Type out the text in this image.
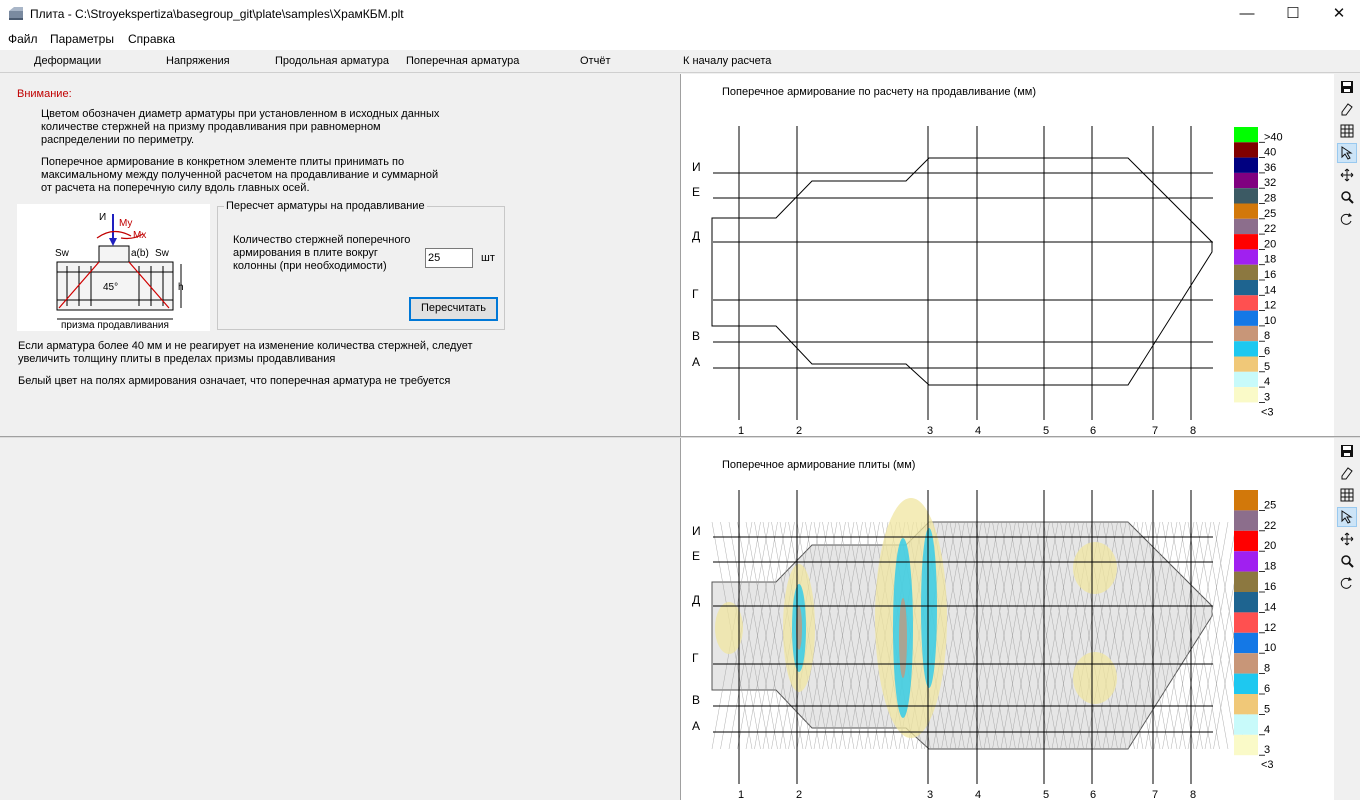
Плита - C:\Stroyekspertiza\basegroup_git\plate\samples\ХрамКБМ.plt	—	☐	✕
Файл Параметры Справка
Деформации	Напряжения	Продольная арматура Поперечная арматура	Отчёт	К началу расчета
Внимание:
Цветом обозначен диаметр арматуры при установленном в исходных данных
количестве стержней на призму продавливания при равномерном
распределении по периметру.
Поперечное армирование в конкретном элементе плиты принимать по
максимальному между полученной расчетом на продавливание и суммарной
от расчета на поперечную силу вдоль главных осей.
И
My
Mx
Sw	Sw
a(b)
45°	h
призма продавливания
Пересчет арматуры на продавливание
Количество стержней поперечного
армирования в плите вокруг
колонны (при необходимости)
25
шт
Пересчитать
Если арматура более 40 мм и не реагирует на изменение количества стержней, следует
увеличить толщину плиты в пределах призмы продавливания
Белый цвет на полях армирования означает, что поперечная арматура не требуется
Поперечное армирование по расчету на продавливание (мм)
И
Е
Д
Г
В
А
1	2	3	4	5	6	7	8
>40
40
36
32
28
25
22
20
18
16
14
12
10
8
6
5
4
3
<3
Поперечное армирование плиты (мм)
И
Е
Д
Г
В
А
1	2	3	4	5	6	7	8
25
22
20
18
16
14
12
10
8
6
5
4
3
<3
